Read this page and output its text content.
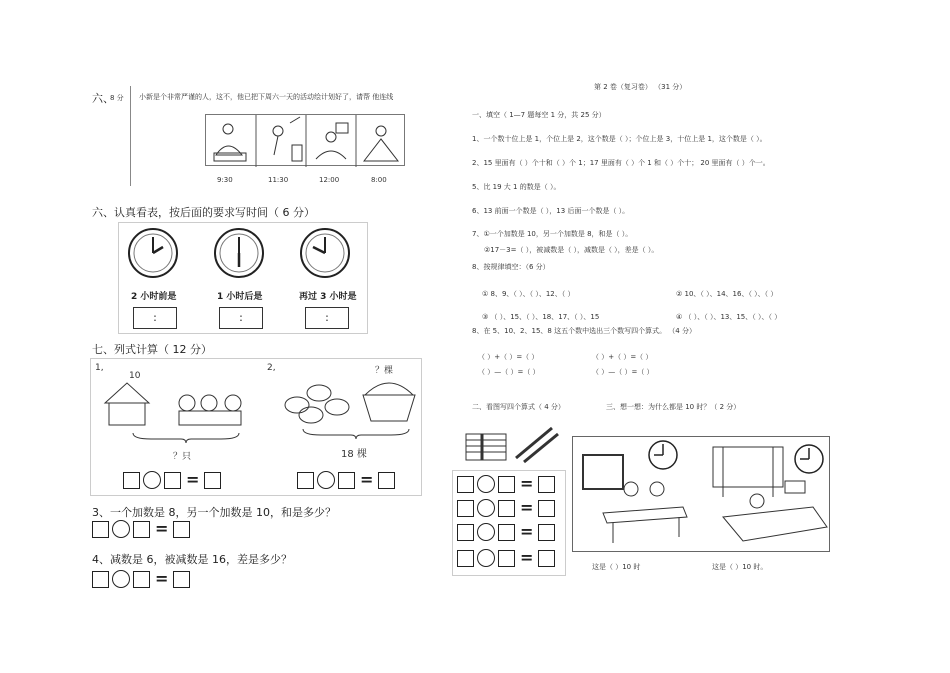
六、
8 分 小新是个非常严谨的人，这不，他已把下周六一天的活动绘计划好了，请帮 他连线
9:30	11:30	12:00	8:00
六、认真看表，按后面的要求写时间（ 6 分）
2 小时前是	1 小时后是	再过 3 小时是
:	:	:
七、列式计算（ 12 分）
1,
10
？只
=
2,	？棵
18 棵
=
3、一个加数是 8，另一个加数是 10，和是多少？
=
4、减数是 6，被减数是 16，差是多少？
=
第 2 卷（复习卷） （31 分）
一、填空（ 1—7 题每空 1 分，共 25 分）
1、一个数十位上是 1，个位上是 2，这个数是（ ）；个位上是 3，十位上是 1，这个数是（ ）。
2、15 里面有（ ）个十和（ ）个 1；17 里面有（ ）个 1 和（ ）个十； 20 里面有（ ）个一。
5、比 19 大 1 的数是（ ）。
6、13 前面一个数是（ ），13 后面一个数是（ ）。
7、①一个加数是 10，另一个加数是 8，和是（ ）。
②17－3=（ ），被减数是（ ），减数是（ ），差是（ ）。
8、按规律填空：（6 分）
① 8、9、（ ）、（ ）、12、（ ）	② 10、（ ）、14、16、（ ）、（ ）
③ （ ）、15、（ ）、18、17、（ ）、15	④ （ ）、（ ）、13、15、（ ）、（ ）
8、在 5、10、2、15、8 这五个数中选出三个数写四个算式。 （4 分）
（ ）+（ ）=（ ）	（ ）+（ ）=（ ）
（ ）—（ ）=（ ）	（ ）—（ ）=（ ）
二、看图写四个算式（ 4 分）	三、想一想：为什么都是 10 时？（ 2 分）
=
=
=
=	这是（ ）10 时	这是（ ）10 时。
